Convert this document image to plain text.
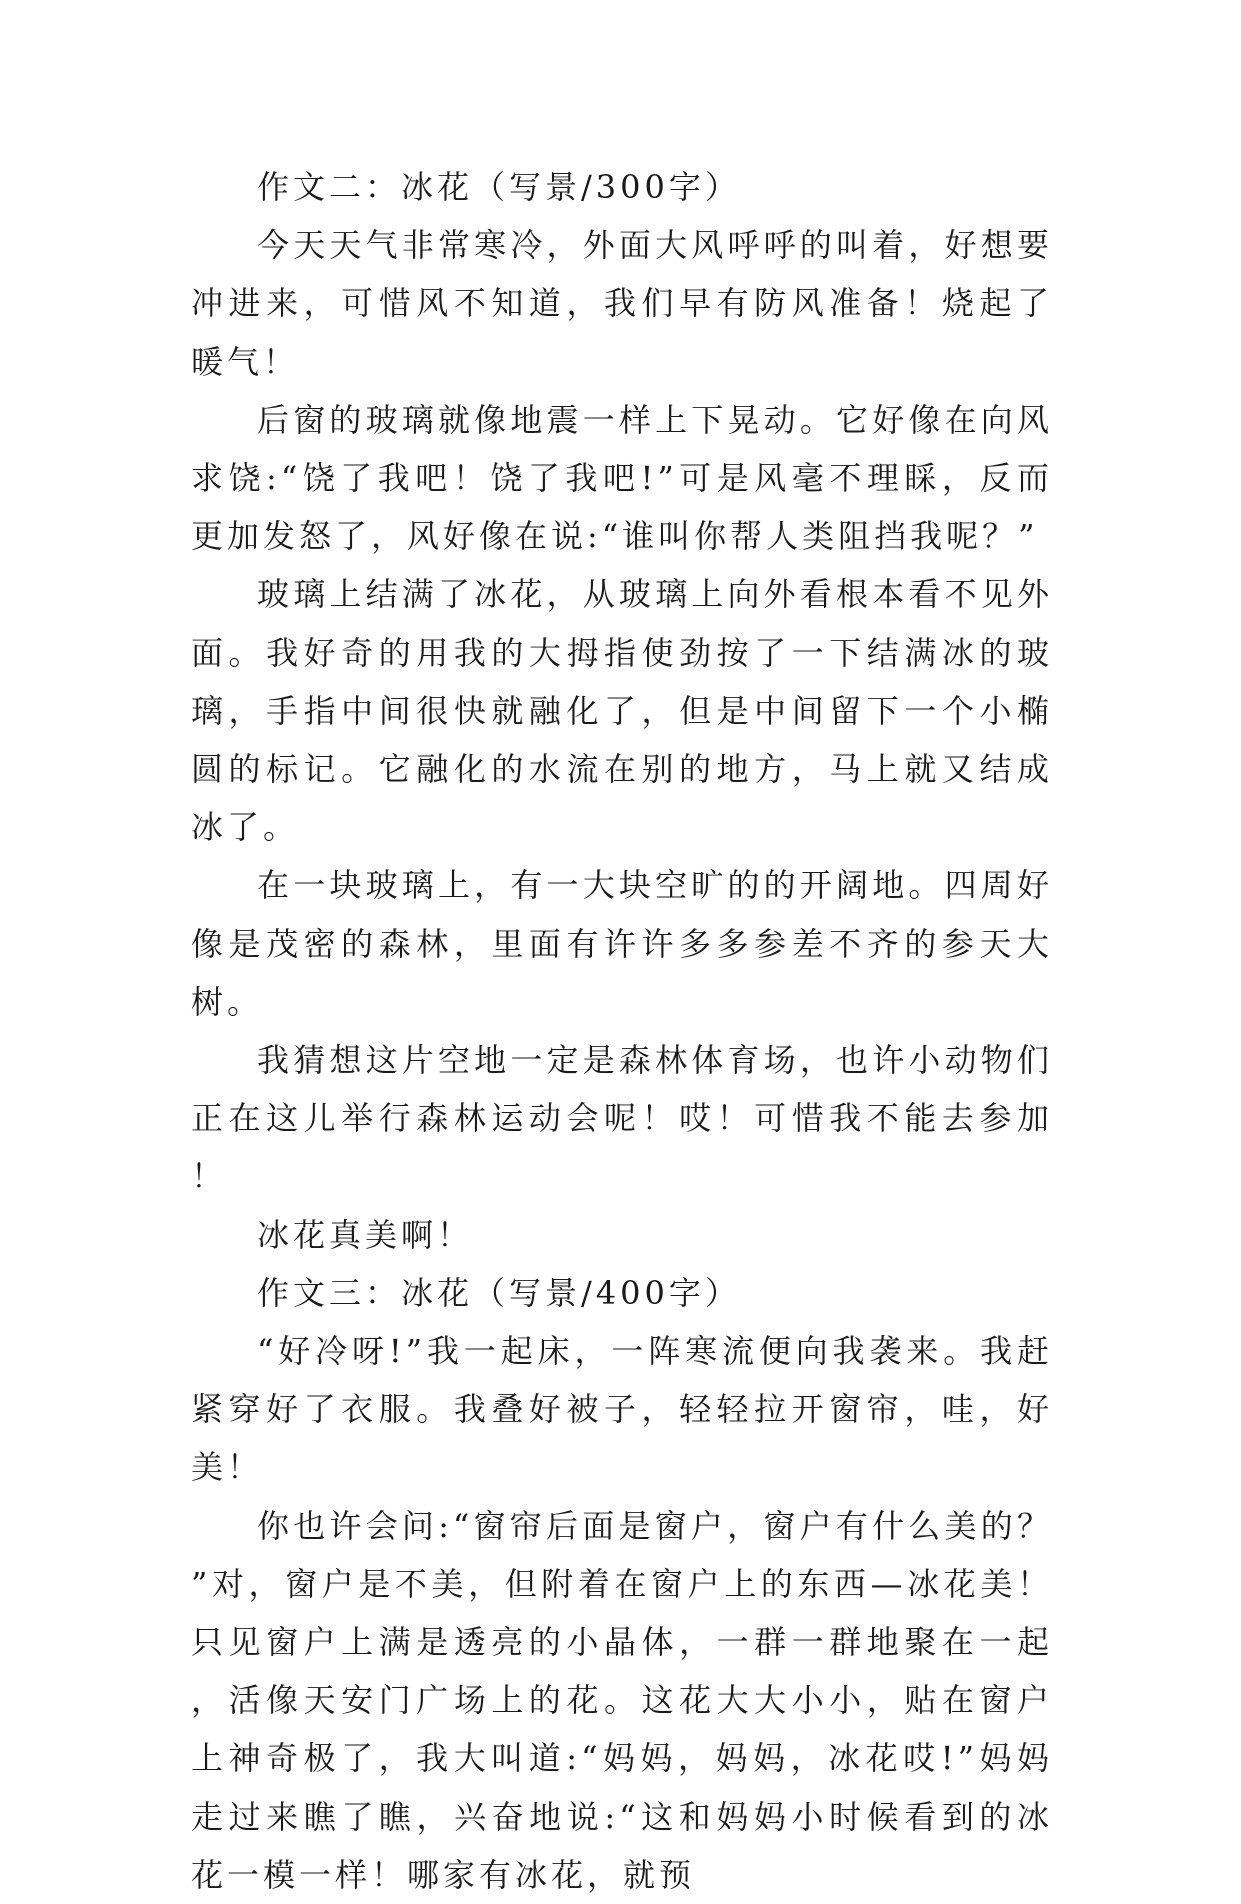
作文二：冰花（写景/300字）

今天天气非常寒冷，外面大风呼呼的叫着，好想要冲进来，可惜风不知道，我们早有防风准备！烧起了暖气！

后窗的玻璃就像地震一样上下晃动。它好像在向风求饶:“饶了我吧！饶了我吧!”可是风毫不理睬，反而更加发怒了，风好像在说:“谁叫你帮人类阻挡我呢？”

玻璃上结满了冰花，从玻璃上向外看根本看不见外面。我好奇的用我的大拇指使劲按了一下结满冰的玻璃，手指中间很快就融化了，但是中间留下一个小椭圆的标记。它融化的水流在别的地方，马上就又结成冰了。

在一块玻璃上，有一大块空旷的的开阔地。四周好像是茂密的森林，里面有许许多多参差不齐的参天大树。

我猜想这片空地一定是森林体育场，也许小动物们正在这儿举行森林运动会呢！哎！可惜我不能去参加！

冰花真美啊！

作文三：冰花（写景/400字）

“好冷呀!”我一起床，一阵寒流便向我袭来。我赶紧穿好了衣服。我叠好被子，轻轻拉开窗帘，哇，好美！

你也许会问:“窗帘后面是窗户，窗户有什么美的？”对，窗户是不美，但附着在窗户上的东西—冰花美！只见窗户上满是透亮的小晶体，一群一群地聚在一起，活像天安门广场上的花。这花大大小小，贴在窗户上神奇极了，我大叫道:“妈妈，妈妈，冰花哎!”妈妈走过来瞧了瞧，兴奋地说:“这和妈妈小时候看到的冰花一模一样！哪家有冰花，就预
